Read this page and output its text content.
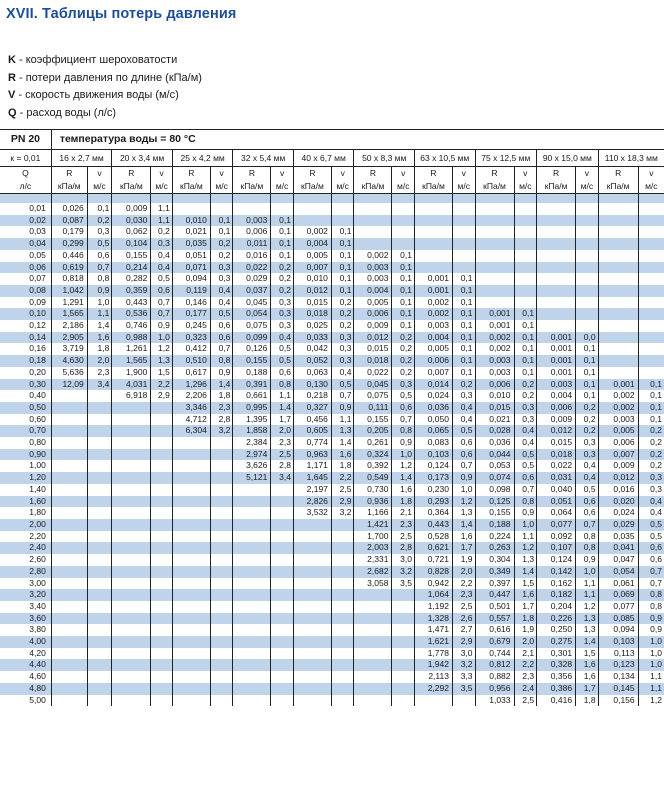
XVII. Таблицы потерь давления
K - коэффициент шероховатости
R - потери давления по длине (кПа/м)
V - скорость движения воды (м/с)
Q - расход воды (л/с)
PN 20	температура воды = 80 °С																			
к = 0,01	16 x 2,7 мм		20 x 3,4 мм		25 x 4,2 мм		32 x 5,4 мм		40 x 6,7 мм		50 x 8,3 мм		63 x 10,5 мм		75 x 12,5 мм		90 x 15,0 мм		110 x 18,3 мм	
Q	R	v	R	v	R	v	R	v	R	v	R	v	R	v	R	v	R	v	R	v
л/с	кПа/м	м/с	кПа/м	м/с	кПа/м	м/с	кПа/м	м/с	кПа/м	м/с	кПа/м	м/с	кПа/м	м/с	кПа/м	м/с	кПа/м	м/с	кПа/м	м/с

0,01	0,026	0,1	0,009	1,1																
0,02	0,087	0,2	0,030	1,1	0,010	0,1	0,003	0,1												
0,03	0,179	0,3	0,062	0,2	0,021	0,1	0,006	0,1	0,002	0,1										
0,04	0,299	0,5	0,104	0,3	0,035	0,2	0,011	0,1	0,004	0,1										
0,05	0,446	0,6	0,155	0,4	0,051	0,2	0,016	0,1	0,005	0,1	0,002	0,1								
0,06	0,619	0,7	0,214	0,4	0,071	0,3	0,022	0,2	0,007	0,1	0,003	0,1								
0,07	0,818	0,8	0,282	0,5	0,094	0,3	0,029	0,2	0,010	0,1	0,003	0,1	0,001	0,1						
0,08	1,042	0,9	0,359	0,6	0,119	0,4	0,037	0,2	0,012	0,1	0,004	0,1	0,001	0,1						
0,09	1,291	1,0	0,443	0,7	0,146	0,4	0,045	0,3	0,015	0,2	0,005	0,1	0,002	0,1						
0,10	1,565	1,1	0,536	0,7	0,177	0,5	0,054	0,3	0,018	0,2	0,006	0,1	0,002	0,1	0,001	0,1				
0,12	2,186	1,4	0,746	0,9	0,245	0,6	0,075	0,3	0,025	0,2	0,009	0,1	0,003	0,1	0,001	0,1				
0,14	2,905	1,6	0,988	1,0	0,323	0,6	0,099	0,4	0,033	0,3	0,012	0,2	0,004	0,1	0,002	0,1	0,001	0,0		
0,16	3,719	1,8	1,261	1,2	0,412	0,7	0,126	0,5	0,042	0,3	0,015	0,2	0,005	0,1	0,002	0,1	0,001	0,1		
0,18	4,630	2,0	1,565	1,3	0,510	0,8	0,155	0,5	0,052	0,3	0,018	0,2	0,006	0,1	0,003	0,1	0,001	0,1		
0,20	5,636	2,3	1,900	1,5	0,617	0,9	0,188	0,6	0,063	0,4	0,022	0,2	0,007	0,1	0,003	0,1	0,001	0,1		
0,30	12,09	3,4	4,031	2,2	1,296	1,4	0,391	0,8	0,130	0,5	0,045	0,3	0,014	0,2	0,006	0,2	0,003	0,1	0,001	0,1
0,40			6,918	2,9	2,206	1,8	0,661	1,1	0,218	0,7	0,075	0,5	0,024	0,3	0,010	0,2	0,004	0,1	0,002	0,1
0,50					3,346	2,3	0,995	1,4	0,327	0,9	0,111	0,6	0,036	0,4	0,015	0,3	0,006	0,2	0,002	0,1
0,60					4,712	2,8	1,395	1,7	0,456	1,1	0,155	0,7	0,050	0,4	0,021	0,3	0,009	0,2	0,003	0,1
0,70					6,304	3,2	1,858	2,0	0,605	1,3	0,205	0,8	0,065	0,5	0,028	0,4	0,012	0,2	0,005	0,2
0,80							2,384	2,3	0,774	1,4	0,261	0,9	0,083	0,6	0,036	0,4	0,015	0,3	0,006	0,2
0,90							2,974	2,5	0,963	1,6	0,324	1,0	0,103	0,6	0,044	0,5	0,018	0,3	0,007	0,2
1,00							3,626	2,8	1,171	1,8	0,392	1,2	0,124	0,7	0,053	0,5	0,022	0,4	0,009	0,2
1,20							5,121	3,4	1,645	2,2	0,549	1,4	0,173	0,9	0,074	0,6	0,031	0,4	0,012	0,3
1,40									2,197	2,5	0,730	1,6	0,230	1,0	0,098	0,7	0,040	0,5	0,016	0,3
1,60									2,826	2,9	0,936	1,8	0,293	1,2	0,125	0,8	0,051	0,6	0,020	0,4
1,80									3,532	3,2	1,166	2,1	0,364	1,3	0,155	0,9	0,064	0,6	0,024	0,4
2,00											1,421	2,3	0,443	1,4	0,188	1,0	0,077	0,7	0,029	0,5
2,20											1,700	2,5	0,528	1,6	0,224	1,1	0,092	0,8	0,035	0,5
2,40											2,003	2,8	0,621	1,7	0,263	1,2	0,107	0,8	0,041	0,6
2,60											2,331	3,0	0,721	1,9	0,304	1,3	0,124	0,9	0,047	0,6
2,80											2,682	3,2	0,828	2,0	0,349	1,4	0,142	1,0	0,054	0,7
3,00											3,058	3,5	0,942	2,2	0,397	1,5	0,162	1,1	0,061	0,7
3,20													1,064	2,3	0,447	1,6	0,182	1,1	0,069	0,8
3,40													1,192	2,5	0,501	1,7	0,204	1,2	0,077	0,8
3,60													1,328	2,6	0,557	1,8	0,226	1,3	0,085	0,9
3,80													1,471	2,7	0,616	1,9	0,250	1,3	0,094	0,9
4,00													1,621	2,9	0,679	2,0	0,275	1,4	0,103	1,0
4,20													1,778	3,0	0,744	2,1	0,301	1,5	0,113	1,0
4,40													1,942	3,2	0,812	2,2	0,328	1,6	0,123	1,0
4,60													2,113	3,3	0,882	2,3	0,356	1,6	0,134	1,1
4,80													2,292	3,5	0,956	2,4	0,386	1,7	0,145	1,1
5,00															1,033	2,5	0,416	1,8	0,156	1,2
